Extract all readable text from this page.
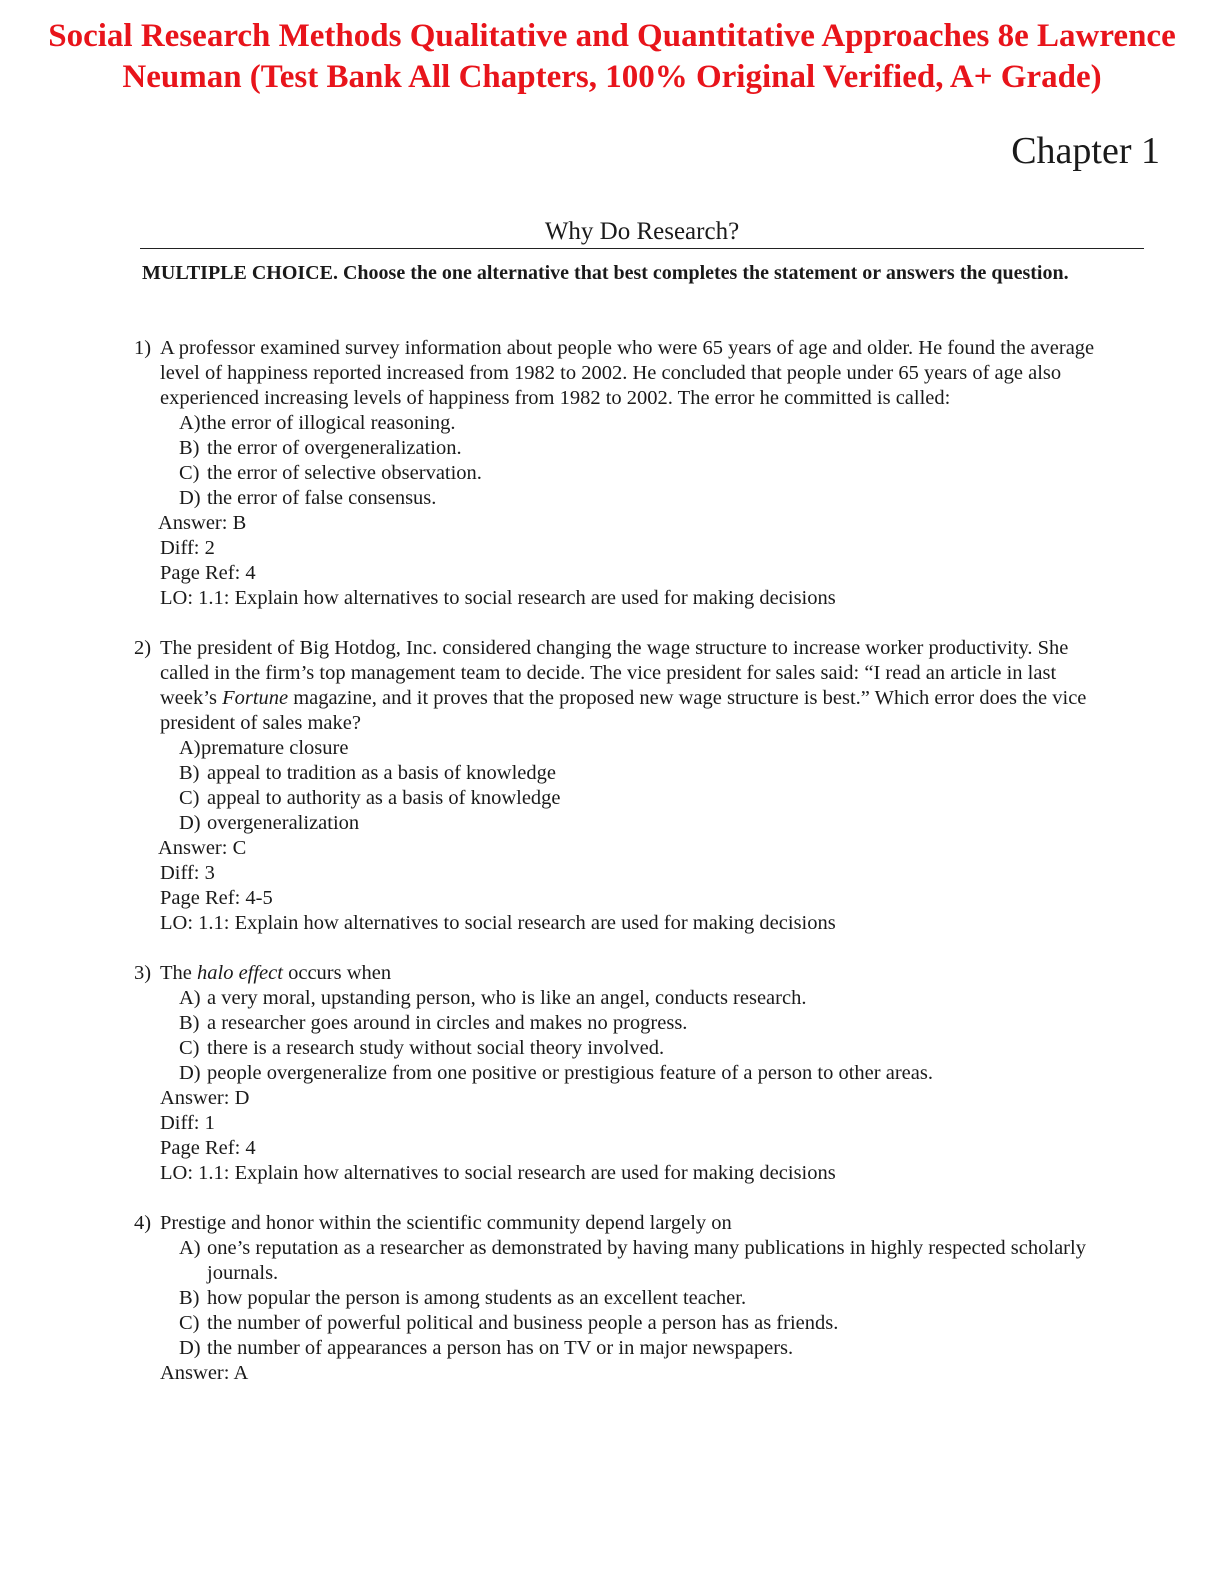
Social Research Methods Qualitative and Quantitative Approaches 8e Lawrence Neuman (Test Bank All Chapters, 100% Original Verified, A+ Grade)
Chapter 1
Why Do Research?

MULTIPLE CHOICE. Choose the one alternative that best completes the statement or answers the question.

1) A professor examined survey information about people who were 65 years of age and older. He found the average level of happiness reported increased from 1982 to 2002. He concluded that people under 65 years of age also experienced increasing levels of happiness from 1982 to 2002. The error he committed is called:
A) the error of illogical reasoning.
B) the error of overgeneralization.
C) the error of selective observation.
D) the error of false consensus.
Answer: B
Diff: 2
Page Ref: 4
LO: 1.1: Explain how alternatives to social research are used for making decisions
2) The president of Big Hotdog, Inc. considered changing the wage structure to increase worker productivity. She called in the firm’s top management team to decide. The vice president for sales said: “I read an article in last week’s Fortune magazine, and it proves that the proposed new wage structure is best.” Which error does the vice president of sales make?
A) premature closure
B) appeal to tradition as a basis of knowledge
C) appeal to authority as a basis of knowledge
D) overgeneralization
Answer: C
Diff: 3
Page Ref: 4-5
LO: 1.1: Explain how alternatives to social research are used for making decisions
3) The halo effect occurs when
A) a very moral, upstanding person, who is like an angel, conducts research.
B) a researcher goes around in circles and makes no progress.
C) there is a research study without social theory involved.
D) people overgeneralize from one positive or prestigious feature of a person to other areas.
Answer: D
Diff: 1
Page Ref: 4
LO: 1.1: Explain how alternatives to social research are used for making decisions
4) Prestige and honor within the scientific community depend largely on
A) one’s reputation as a researcher as demonstrated by having many publications in highly respected scholarly journals.
B) how popular the person is among students as an excellent teacher.
C) the number of powerful political and business people a person has as friends.
D) the number of appearances a person has on TV or in major newspapers.
Answer: A
